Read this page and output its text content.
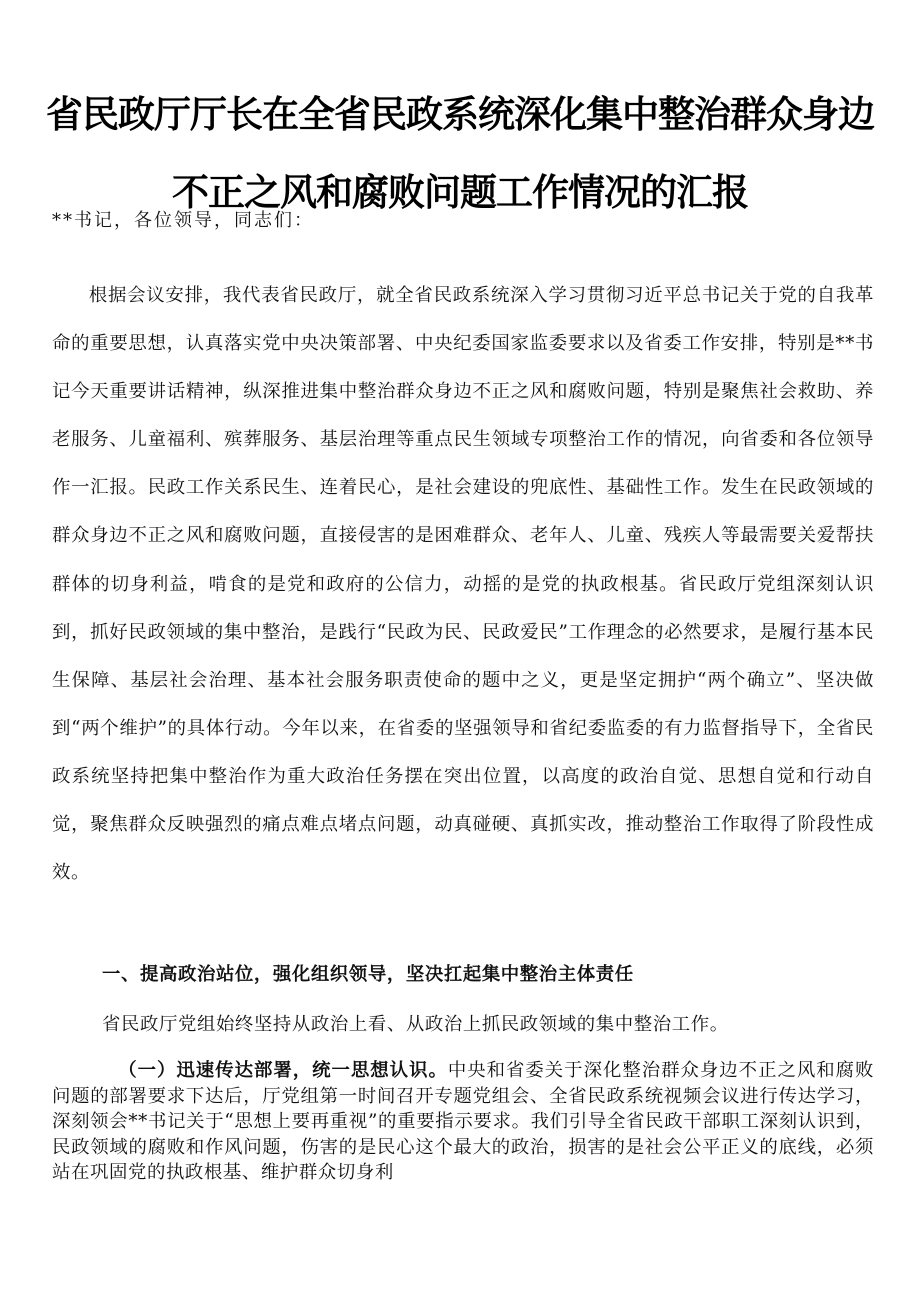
省民政厅厅长在全省民政系统深化集中整治群众身边
不正之风和腐败问题工作情况的汇报
**书记，各位领导，同志们：

根据会议安排，我代表省民政厅，就全省民政系统深入学习贯彻习近平总书记关于党的自我革命的重要思想，认真落实党中央决策部署、中央纪委国家监委要求以及省委工作安排，特别是**书记今天重要讲话精神，纵深推进集中整治群众身边不正之风和腐败问题，特别是聚焦社会救助、养老服务、儿童福利、殡葬服务、基层治理等重点民生领域专项整治工作的情况，向省委和各位领导作一汇报。民政工作关系民生、连着民心，是社会建设的兜底性、基础性工作。发生在民政领域的群众身边不正之风和腐败问题，直接侵害的是困难群众、老年人、儿童、残疾人等最需要关爱帮扶群体的切身利益，啃食的是党和政府的公信力，动摇的是党的执政根基。省民政厅党组深刻认识到，抓好民政领域的集中整治，是践行“民政为民、民政爱民”工作理念的必然要求，是履行基本民生保障、基层社会治理、基本社会服务职责使命的题中之义，更是坚定拥护“两个确立”、坚决做到“两个维护”的具体行动。今年以来，在省委的坚强领导和省纪委监委的有力监督指导下，全省民政系统坚持把集中整治作为重大政治任务摆在突出位置，以高度的政治自觉、思想自觉和行动自觉，聚焦群众反映强烈的痛点难点堵点问题，动真碰硬、真抓实改，推动整治工作取得了阶段性成效。

一、提高政治站位，强化组织领导，坚决扛起集中整治主体责任
省民政厅党组始终坚持从政治上看、从政治上抓民政领域的集中整治工作。

（一）迅速传达部署，统一思想认识。中央和省委关于深化整治群众身边不正之风和腐败问题的部署要求下达后，厅党组第一时间召开专题党组会、全省民政系统视频会议进行传达学习，深刻领会**书记关于“思想上要再重视”的重要指示要求。我们引导全省民政干部职工深刻认识到，民政领域的腐败和作风问题，伤害的是民心这个最大的政治，损害的是社会公平正义的底线，必须站在巩固党的执政根基、维护群众切身利
